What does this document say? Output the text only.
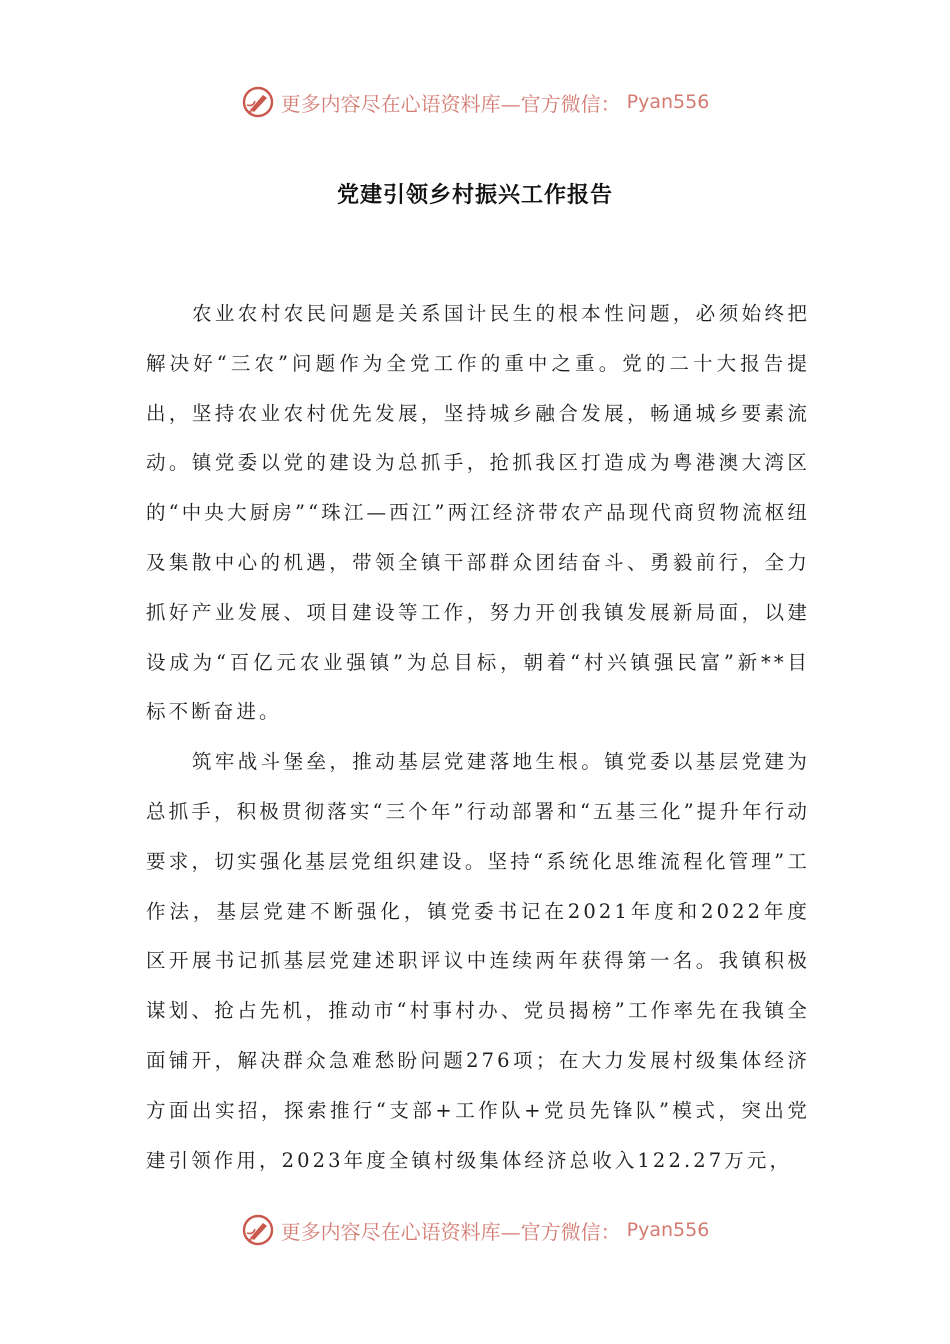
更多内容尽在心语资料库—官方微信： Pyan556
党建引领乡村振兴工作报告

农业农村农民问题是关系国计民生的根本性问题，必须始终把解决好“三农”问题作为全党工作的重中之重。党的二十大报告提出，坚持农业农村优先发展，坚持城乡融合发展，畅通城乡要素流动。镇党委以党的建设为总抓手，抢抓我区打造成为粤港澳大湾区的“中央大厨房”“珠江—西江”两江经济带农产品现代商贸物流枢纽及集散中心的机遇，带领全镇干部群众团结奋斗、勇毅前行，全力抓好产业发展、项目建设等工作，努力开创我镇发展新局面，以建设成为“百亿元农业强镇”为总目标，朝着“村兴镇强民富”新**目标不断奋进。

筑牢战斗堡垒，推动基层党建落地生根。镇党委以基层党建为总抓手，积极贯彻落实“三个年”行动部署和“五基三化”提升年行动要求，切实强化基层党组织建设。坚持“系统化思维流程化管理”工作法，基层党建不断强化，镇党委书记在2021年度和2022年度区开展书记抓基层党建述职评议中连续两年获得第一名。我镇积极谋划、抢占先机，推动市“村事村办、党员揭榜”工作率先在我镇全面铺开，解决群众急难愁盼问题276项；在大力发展村级集体经济方面出实招，探索推行“支部+工作队+党员先锋队”模式，突出党建引领作用，2023年度全镇村级集体经济总收入122.27万元，

更多内容尽在心语资料库—官方微信： Pyan556
